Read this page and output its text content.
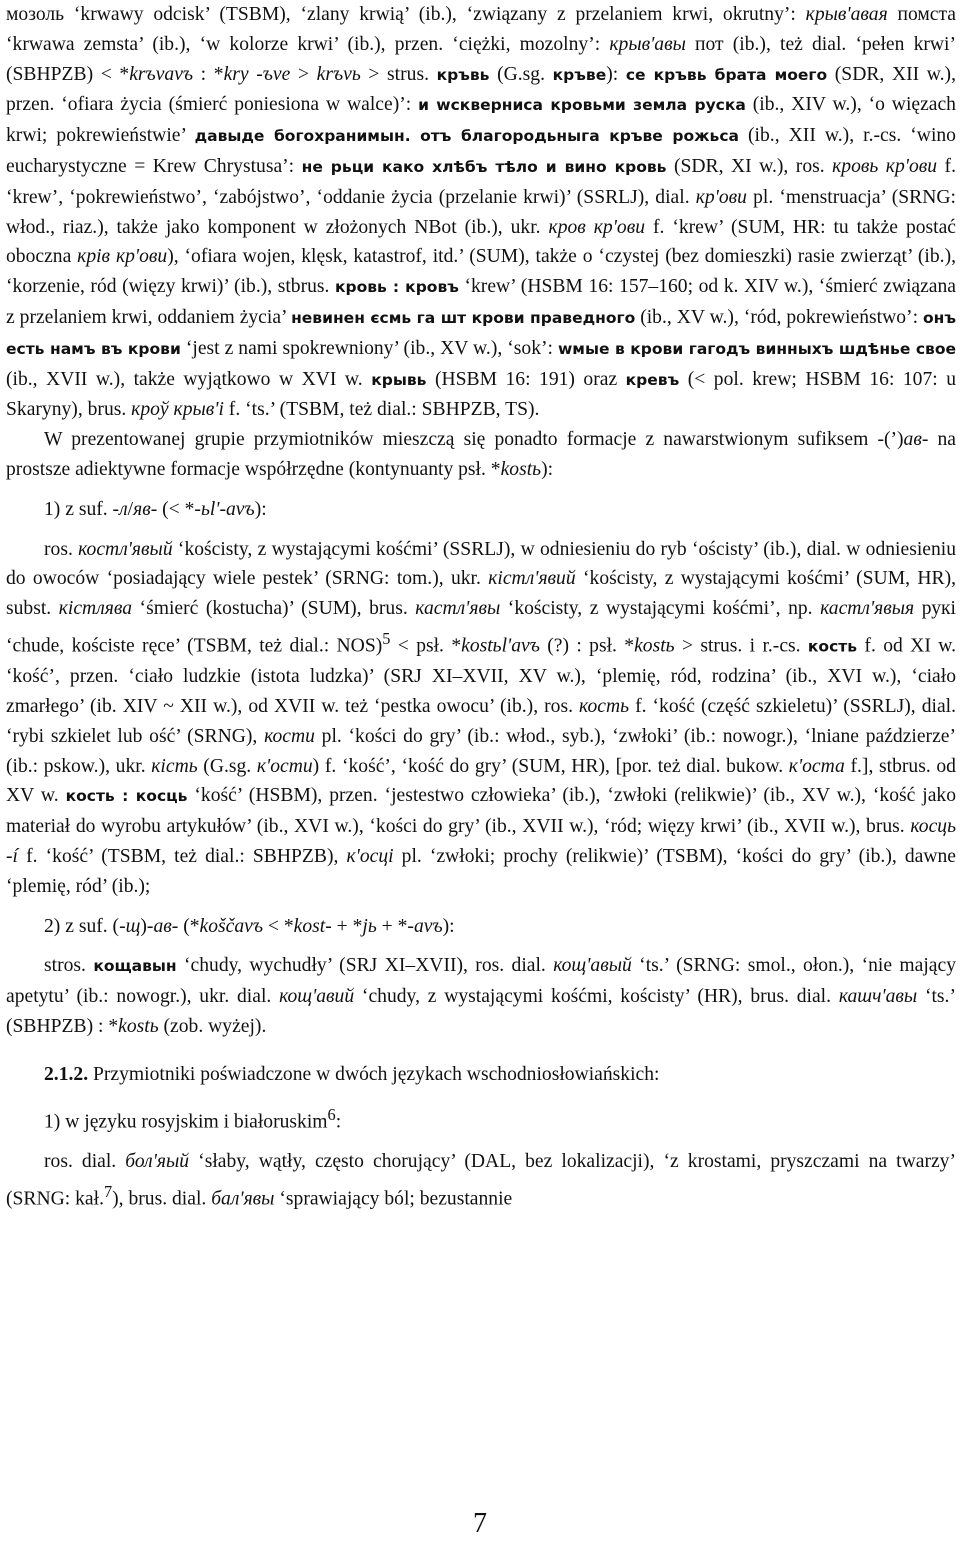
мозоль ‘krwawy odcisk’ (TSBM), ‘zlany krwią’ (ib.), ‘związany z przelaniem krwi, okrutny’: крыв'авая помста ‘krwawa zemsta’ (ib.), ‘w kolorze krwi’ (ib.), przen. ‘ciężki, mozolny’: крыв'авы пот (ib.), też dial. ‘pełen krwi’ (SBHPZB) < *krъvavъ : *kry -ъve > krъvь > strus. кръвь (G.sg. кръве): се кръвь брата моего (SDR, XII w.), przen. ‘ofiara życia (śmierć poniesiona w walce)’: и wскверниса кровьми земла руска (ib., XIV w.), ‘o więzach krwi; pokrewieństwie’ давыде богохранимын. отъ благородьныга кръве рожьса (ib., XII w.), r.-cs. ‘wino eucharystyczne = Krew Chrystusa’: не рьци како хлѣбъ тѣло и вино кровь (SDR, XI w.), ros. кровь кр'ови f. ‘krew’, ‘pokrewieństwo’, ‘zabójstwo’, ‘oddanie życia (przelanie krwi)’ (SSRLJ), dial. кр'ови pl. ‘menstruacja’ (SRNG: włod., riaz.), także jako komponent w złożonych NBot (ib.), ukr. кров кр'ови f. ‘krew’ (SUM, HR: tu także postać oboczna крів кр'ови), ‘ofiara wojen, klęsk, katastrof, itd.’ (SUM), także o ‘czystej (bez domieszki) rasie zwierząt’ (ib.), ‘korzenie, ród (więzy krwi)’ (ib.), stbrus. кровь : кровъ ‘krew’ (HSBM 16: 157–160; od k. XIV w.), ‘śmierć związana z przelaniem krwi, oddaniem życia’ невинен єсмь га шт крови праведного (ib., XV w.), ‘ród, pokrewieństwo’: онъ есть намъ въ крови ‘jest z nami spokrewniony’ (ib., XV w.), ‘sok’: wмые в крови гагодъ винныхъ шдѣнье свое (ib., XVII w.), także wyjątkowo w XVI w. крывь (HSBM 16: 191) oraz кревъ (< pol. krew; HSBM 16: 107: u Skaryny), brus. кроў крыв'і f. ‘ts.’ (TSBM, też dial.: SBHPZB, TS).
W prezentowanej grupie przymiotników mieszczą się ponadto formacje z nawarstwionym sufiksem -(’)ав- na prostsze adiektywne formacje współrzędne (kontynuanty psł. *kostь):
1) z suf. -л/яв- (< *-ьl'-avъ):
ros. костл'явый ‘kościsty, z wystającymi kośćmi’ (SSRLJ), w odniesieniu do ryb ‘ościsty’ (ib.), dial. w odniesieniu do owoców ‘posiadający wiele pestek’ (SRNG: tom.), ukr. кістл'явий ‘kościsty, z wystającymi kośćmi’ (SUM, HR), subst. кістлява ‘śmierć (kostucha)’ (SUM), brus. кастл'явы ‘kościsty, z wystającymi kośćmi’, np. кастл'явыя рукі ‘chude, kościste ręce’ (TSBM, też dial.: NOS)$^5$ < psł. *kostьl'avъ (?) : psł. *kostь > strus. i r.-cs. кость f. od XI w. ‘kość’, przen. ‘ciało ludzkie (istota ludzka)’ (SRJ XI–XVII, XV w.), ‘plemię, ród, rodzina’ (ib., XVI w.), ‘ciało zmarłego’ (ib. XIV ~ XII w.), od XVII w. też ‘pestka owocu’ (ib.), ros. кость f. ‘kość (część szkieletu)’ (SSRLJ), dial. ‘rybi szkielet lub ość’ (SRNG), кости pl. ‘kości do gry’ (ib.: włod., syb.), ‘zwłoki’ (ib.: nowogr.), ‘lniane paździerze’ (ib.: pskow.), ukr. кість (G.sg. к'ости) f. ‘kość’, ‘kość do gry’ (SUM, HR), [por. też dial. bukow. к'оста f.], stbrus. od XV w. кость : косць ‘kość’ (HSBM), przen. ‘jestestwo człowieka’ (ib.), ‘zwłoki (relikwie)’ (ib., XV w.), ‘kość jako materiał do wyrobu artykułów’ (ib., XVI w.), ‘kości do gry’ (ib., XVII w.), ‘ród; więzy krwi’ (ib., XVII w.), brus. косць -í f. ‘kość’ (TSBM, też dial.: SBHPZB), к'осці pl. ‘zwłoki; prochy (relikwie)’ (TSBM), ‘kości do gry’ (ib.), dawne ‘plemię, ród’ (ib.);
2) z suf. (-щ)-ав- (*koščavъ < *kost- + *jь + *-avъ):
stros. кощавын ‘chudy, wychudły’ (SRJ XI–XVII), ros. dial. кощ'авый ‘ts.’ (SRNG: smol., ołon.), ‘nie mający apetytu’ (ib.: nowogr.), ukr. dial. кощ'авий ‘chudy, z wystającymi kośćmi, kościsty’ (HR), brus. dial. кашч'авы ‘ts.’ (SBHPZB) : *kostь (zob. wyżej).
2.1.2. Przymiotniki poświadczone w dwóch językach wschodniosłowiańskich:
1) w języku rosyjskim i białoruskim$^6$:
ros. dial. бол'яый ‘słaby, wątły, często chorujący’ (DAL, bez lokalizacji), ‘z krostami, pryszczami na twarzy’ (SRNG: kał.$^7$), brus. dial. бал'явы ‘sprawiający ból; bezustannie
7
